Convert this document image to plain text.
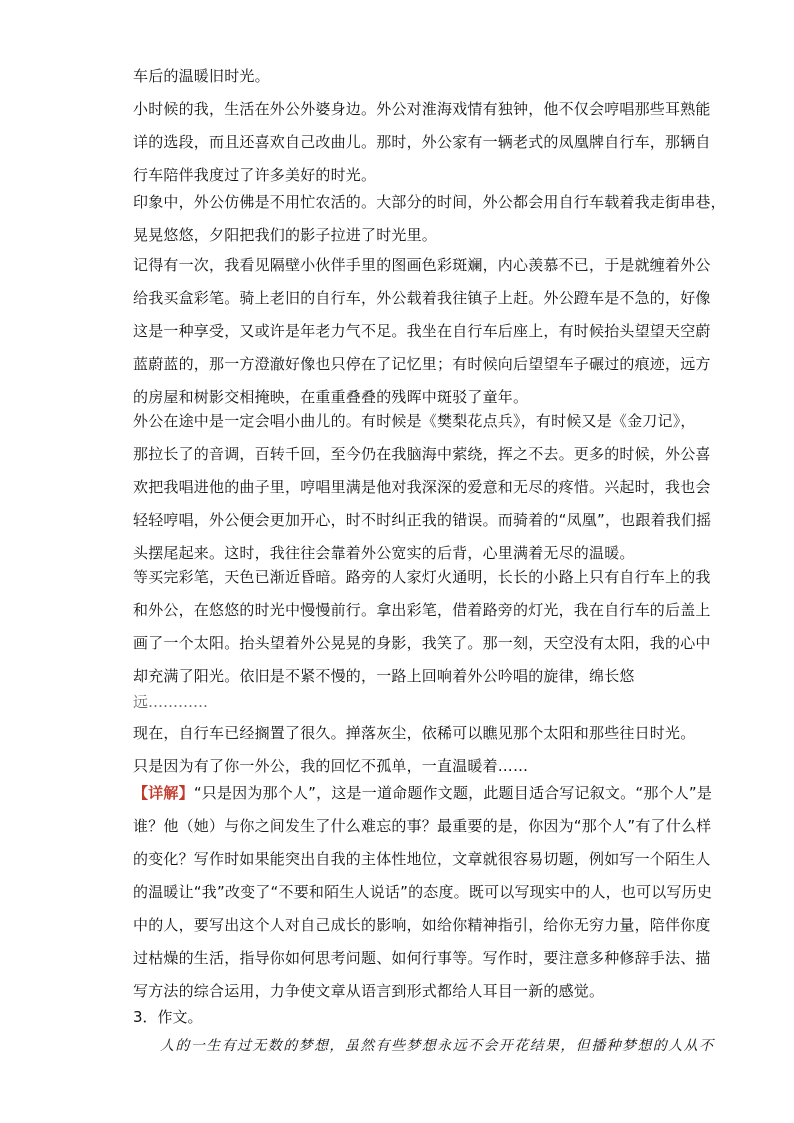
车后的温暖旧时光。
小时候的我，生活在外公外婆身边。外公对淮海戏情有独钟，他不仅会哼唱那些耳熟能
详的选段，而且还喜欢自己改曲儿。那时，外公家有一辆老式的凤凰牌自行车，那辆自
行车陪伴我度过了许多美好的时光。
印象中，外公仿佛是不用忙农活的。大部分的时间，外公都会用自行车载着我走街串巷，
晃晃悠悠，夕阳把我们的影子拉进了时光里。
记得有一次，我看见隔壁小伙伴手里的图画色彩斑斓，内心羡慕不已，于是就缠着外公
给我买盒彩笔。骑上老旧的自行车，外公载着我往镇子上赶。外公蹬车是不急的，好像
这是一种享受，又或许是年老力气不足。我坐在自行车后座上，有时候抬头望望天空蔚
蓝蔚蓝的，那一方澄澈好像也只停在了记忆里；有时候向后望望车子碾过的痕迹，远方
的房屋和树影交相掩映，在重重叠叠的残晖中斑驳了童年。
外公在途中是一定会唱小曲儿的。有时候是《樊梨花点兵》，有时候又是《金刀记》，
那拉长了的音调，百转千回，至今仍在我脑海中萦绕，挥之不去。更多的时候，外公喜
欢把我唱进他的曲子里，哼唱里满是他对我深深的爱意和无尽的疼惜。兴起时，我也会
轻轻哼唱，外公便会更加开心，时不时纠正我的错误。而骑着的“凤凰”，也跟着我们摇
头摆尾起来。这时，我往往会靠着外公宽实的后背，心里满着无尽的温暖。
等买完彩笔，天色已渐近昏暗。路旁的人家灯火通明，长长的小路上只有自行车上的我
和外公，在悠悠的时光中慢慢前行。拿出彩笔，借着路旁的灯光，我在自行车的后盖上
画了一个太阳。抬头望着外公晃晃的身影，我笑了。那一刻，天空没有太阳，我的心中
却充满了阳光。依旧是不紧不慢的，一路上回响着外公吟唱的旋律，绵长悠
远…………
现在，自行车已经搁置了很久。掸落灰尘，依稀可以瞧见那个太阳和那些往日时光。
只是因为有了你一外公，我的回忆不孤单，一直温暖着……
【详解】“只是因为那个人”，这是一道命题作文题，此题目适合写记叙文。“那个人”是
谁？他（她）与你之间发生了什么难忘的事？最重要的是，你因为“那个人”有了什么样
的变化？写作时如果能突出自我的主体性地位，文章就很容易切题，例如写一个陌生人
的温暖让“我”改变了“不要和陌生人说话”的态度。既可以写现实中的人，也可以写历史
中的人，要写出这个人对自己成长的影响，如给你精神指引，给你无穷力量，陪伴你度
过枯燥的生活，指导你如何思考问题、如何行事等。写作时，要注意多种修辞手法、描
写方法的综合运用，力争使文章从语言到形式都给人耳目一新的感觉。
3．作文。
人的一生有过无数的梦想，虽然有些梦想永远不会开花结果，但播种梦想的人从不
